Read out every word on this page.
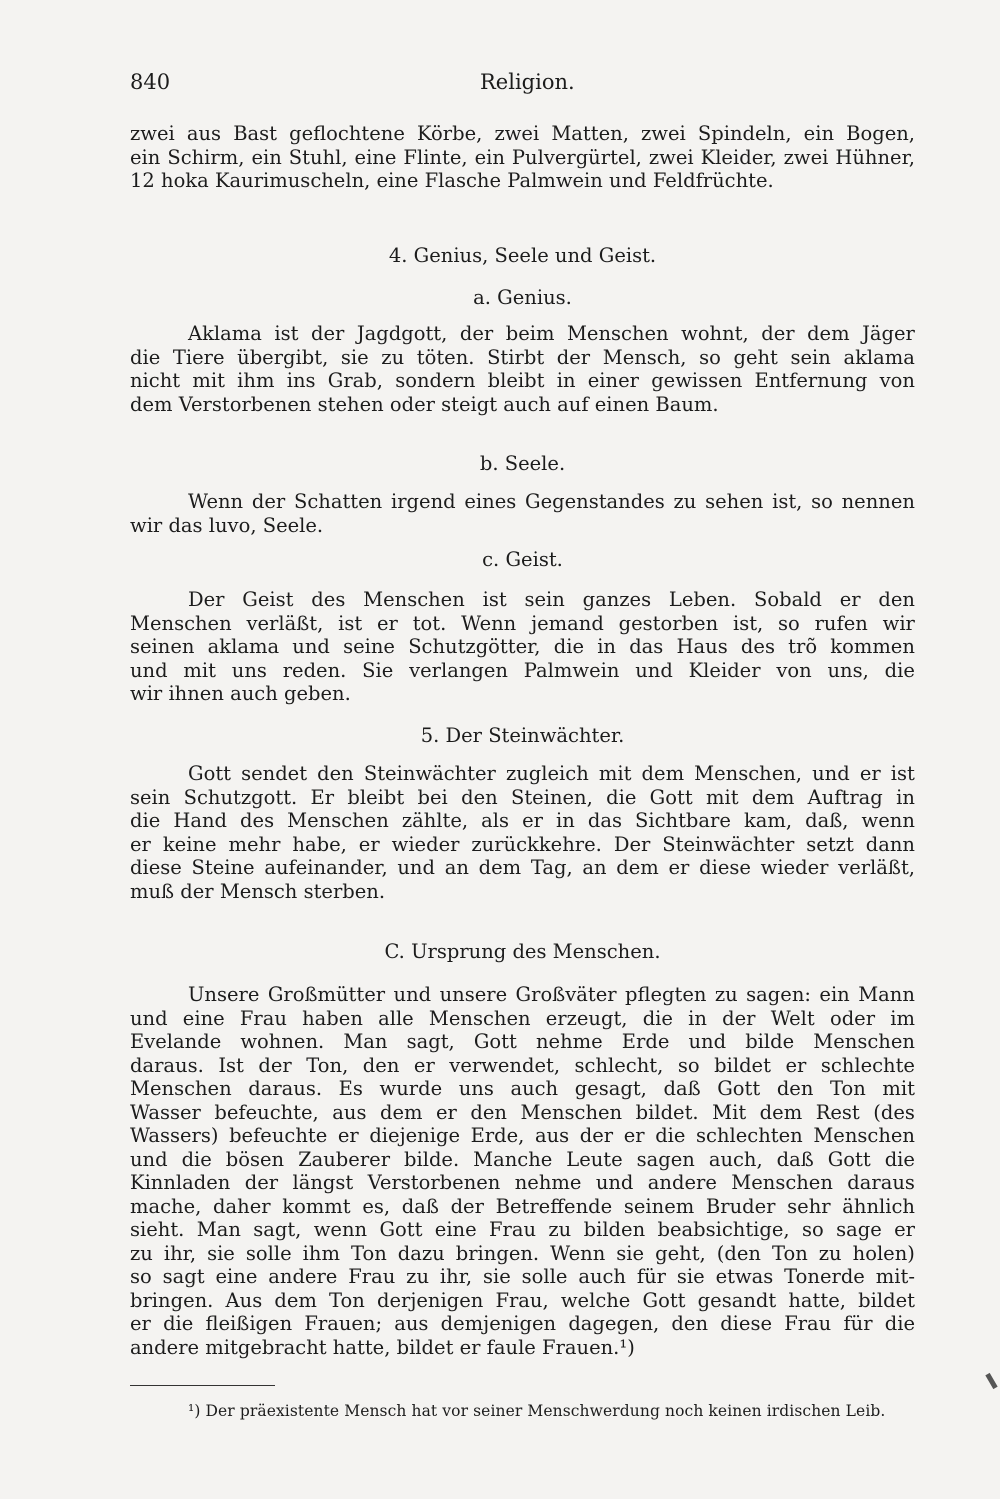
840	Religion.
zwei aus Bast geflochtene Körbe, zwei Matten, zwei Spindeln, ein Bogen,
ein Schirm, ein Stuhl, eine Flinte, ein Pulvergürtel, zwei Kleider, zwei Hühner,
12 hoka Kaurimuscheln, eine Flasche Palmwein und Feldfrüchte.
4. Genius, Seele und Geist.
a. Genius.
Aklama ist der Jagdgott, der beim Menschen wohnt, der dem Jäger
die Tiere übergibt, sie zu töten. Stirbt der Mensch, so geht sein aklama
nicht mit ihm ins Grab, sondern bleibt in einer gewissen Entfernung von
dem Verstorbenen stehen oder steigt auch auf einen Baum.
b. Seele.
Wenn der Schatten irgend eines Gegenstandes zu sehen ist, so nennen
wir das luvo, Seele.
c. Geist.
Der Geist des Menschen ist sein ganzes Leben. Sobald er den
Menschen verläßt, ist er tot. Wenn jemand gestorben ist, so rufen wir
seinen aklama und seine Schutzgötter, die in das Haus des trõ kommen
und mit uns reden. Sie verlangen Palmwein und Kleider von uns, die
wir ihnen auch geben.
5. Der Steinwächter.
Gott sendet den Steinwächter zugleich mit dem Menschen, und er ist
sein Schutzgott. Er bleibt bei den Steinen, die Gott mit dem Auftrag in
die Hand des Menschen zählte, als er in das Sichtbare kam, daß, wenn
er keine mehr habe, er wieder zurückkehre. Der Steinwächter setzt dann
diese Steine aufeinander, und an dem Tag, an dem er diese wieder verläßt,
muß der Mensch sterben.
C. Ursprung des Menschen.
Unsere Großmütter und unsere Großväter pflegten zu sagen: ein Mann
und eine Frau haben alle Menschen erzeugt, die in der Welt oder im
Evelande wohnen. Man sagt, Gott nehme Erde und bilde Menschen
daraus. Ist der Ton, den er verwendet, schlecht, so bildet er schlechte
Menschen daraus. Es wurde uns auch gesagt, daß Gott den Ton mit
Wasser befeuchte, aus dem er den Menschen bildet. Mit dem Rest (des
Wassers) befeuchte er diejenige Erde, aus der er die schlechten Menschen
und die bösen Zauberer bilde. Manche Leute sagen auch, daß Gott die
Kinnladen der längst Verstorbenen nehme und andere Menschen daraus
mache, daher kommt es, daß der Betreffende seinem Bruder sehr ähnlich
sieht. Man sagt, wenn Gott eine Frau zu bilden beabsichtige, so sage er
zu ihr, sie solle ihm Ton dazu bringen. Wenn sie geht, (den Ton zu holen)
so sagt eine andere Frau zu ihr, sie solle auch für sie etwas Tonerde mit-
bringen. Aus dem Ton derjenigen Frau, welche Gott gesandt hatte, bildet
er die fleißigen Frauen; aus demjenigen dagegen, den diese Frau für die
andere mitgebracht hatte, bildet er faule Frauen.¹)
¹) Der präexistente Mensch hat vor seiner Menschwerdung noch keinen irdischen Leib.
